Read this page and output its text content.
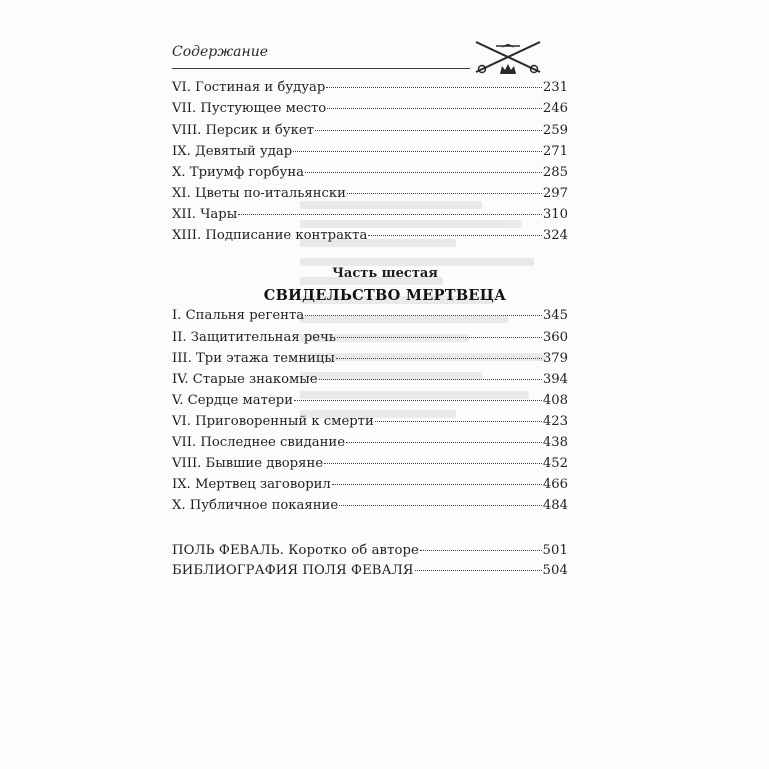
Содержание
VI. Гостиная и будуар	231
VII. Пустующее место	246
VIII. Персик и букет	259
IX. Девятый удар	271
X. Триумф горбуна	285
XI. Цветы по-итальянски	297
XII. Чары	310
XIII. Подписание контракта	324
Часть шестая
СВИДЕЛЬСТВО МЕРТВЕЦА
I. Спальня регента	345
II. Защитительная речь	360
III. Три этажа темницы	379
IV. Старые знакомые	394
V. Сердце матери	408
VI. Приговоренный к смерти	423
VII. Последнее свидание	438
VIII. Бывшие дворяне	452
IX. Мертвец заговорил	466
X. Публичное покаяние	484
ПОЛЬ ФЕВАЛЬ. Коротко об авторе	501
БИБЛИОГРАФИЯ ПОЛЯ ФЕВАЛЯ	504
